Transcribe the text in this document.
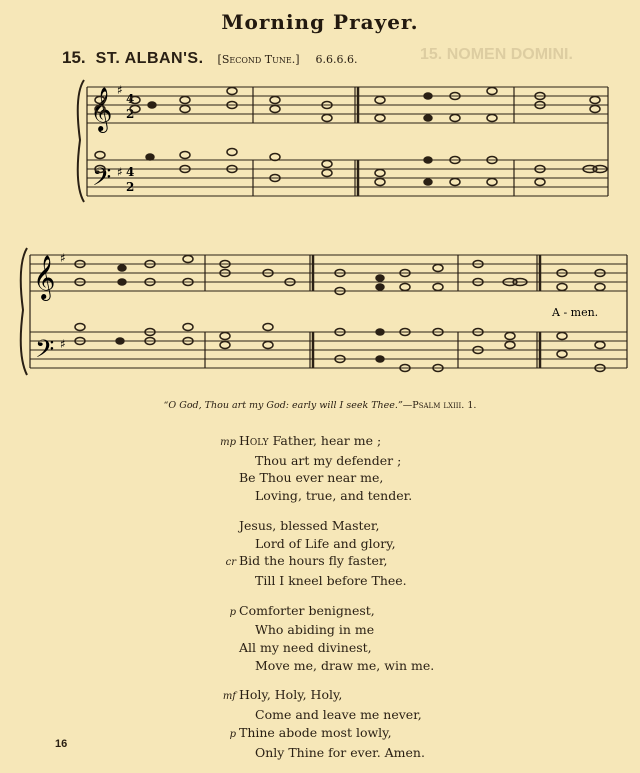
Morning Prayer.
15. NOMEN DOMINI.
15. ST. ALBAN'S. [Second Tune.] 6.6.6.6.
𝄞
𝄢
♯
♯
4
2
4
2
𝄞
𝄢
♯
♯
A - men.
“O God, Thou art my God: early will I seek Thee.”—Psalm lxiii. 1.
mp Holy Father, hear me ;
Thou art my defender ;
Be Thou ever near me,
Loving, true, and tender.
Jesus, blessed Master,
Lord of Life and glory,
cr Bid the hours fly faster,
Till I kneel before Thee.
p Comforter benignest,
Who abiding in me
All my need divinest,
Move me, draw me, win me.
mf Holy, Holy, Holy,
Come and leave me never,
p Thine abode most lowly,
Only Thine for ever. Amen.
16
